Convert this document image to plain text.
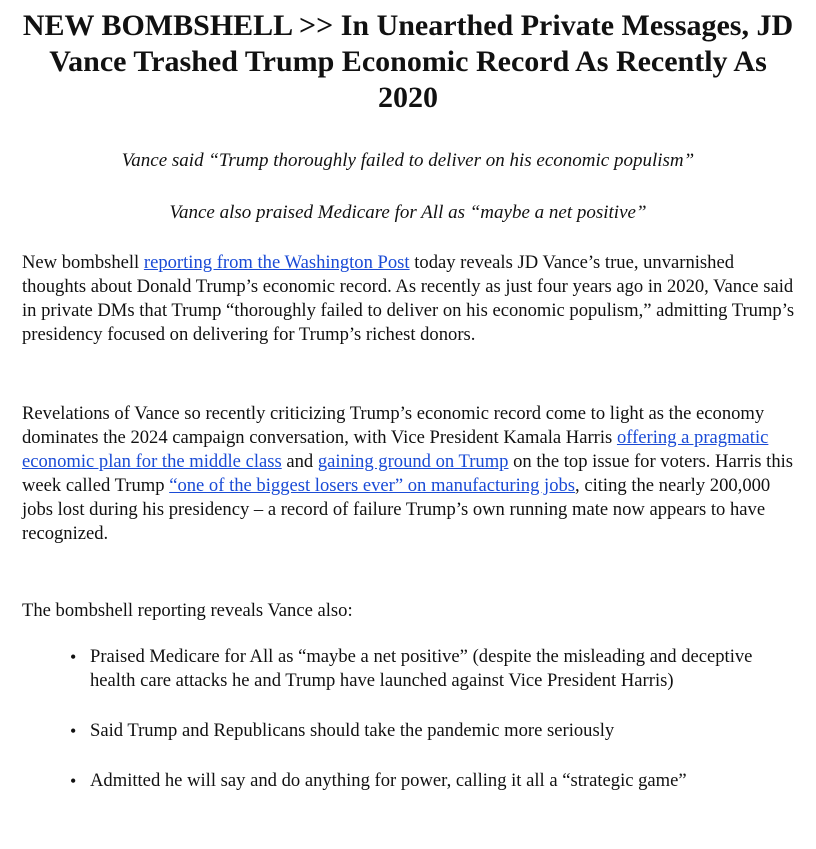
NEW BOMBSHELL >> In Unearthed Private Messages, JD Vance Trashed Trump Economic Record As Recently As 2020

Vance said “Trump thoroughly failed to deliver on his economic populism”

Vance also praised Medicare for All as “maybe a net positive”

New bombshell reporting from the Washington Post today reveals JD Vance’s true, unvarnished thoughts about Donald Trump’s economic record. As recently as just four years ago in 2020, Vance said in private DMs that Trump “thoroughly failed to deliver on his economic populism,” admitting Trump’s presidency focused on delivering for Trump’s richest donors.

Revelations of Vance so recently criticizing Trump’s economic record come to light as the economy dominates the 2024 campaign conversation, with Vice President Kamala Harris offering a pragmatic economic plan for the middle class and gaining ground on Trump on the top issue for voters. Harris this week called Trump “one of the biggest losers ever” on manufacturing jobs, citing the nearly 200,000 jobs lost during his presidency – a record of failure Trump’s own running mate now appears to have recognized.

The bombshell reporting reveals Vance also:

• Praised Medicare for All as “maybe a net positive” (despite the misleading and deceptive health care attacks he and Trump have launched against Vice President Harris)
• Said Trump and Republicans should take the pandemic more seriously
• Admitted he will say and do anything for power, calling it all a “strategic game”
